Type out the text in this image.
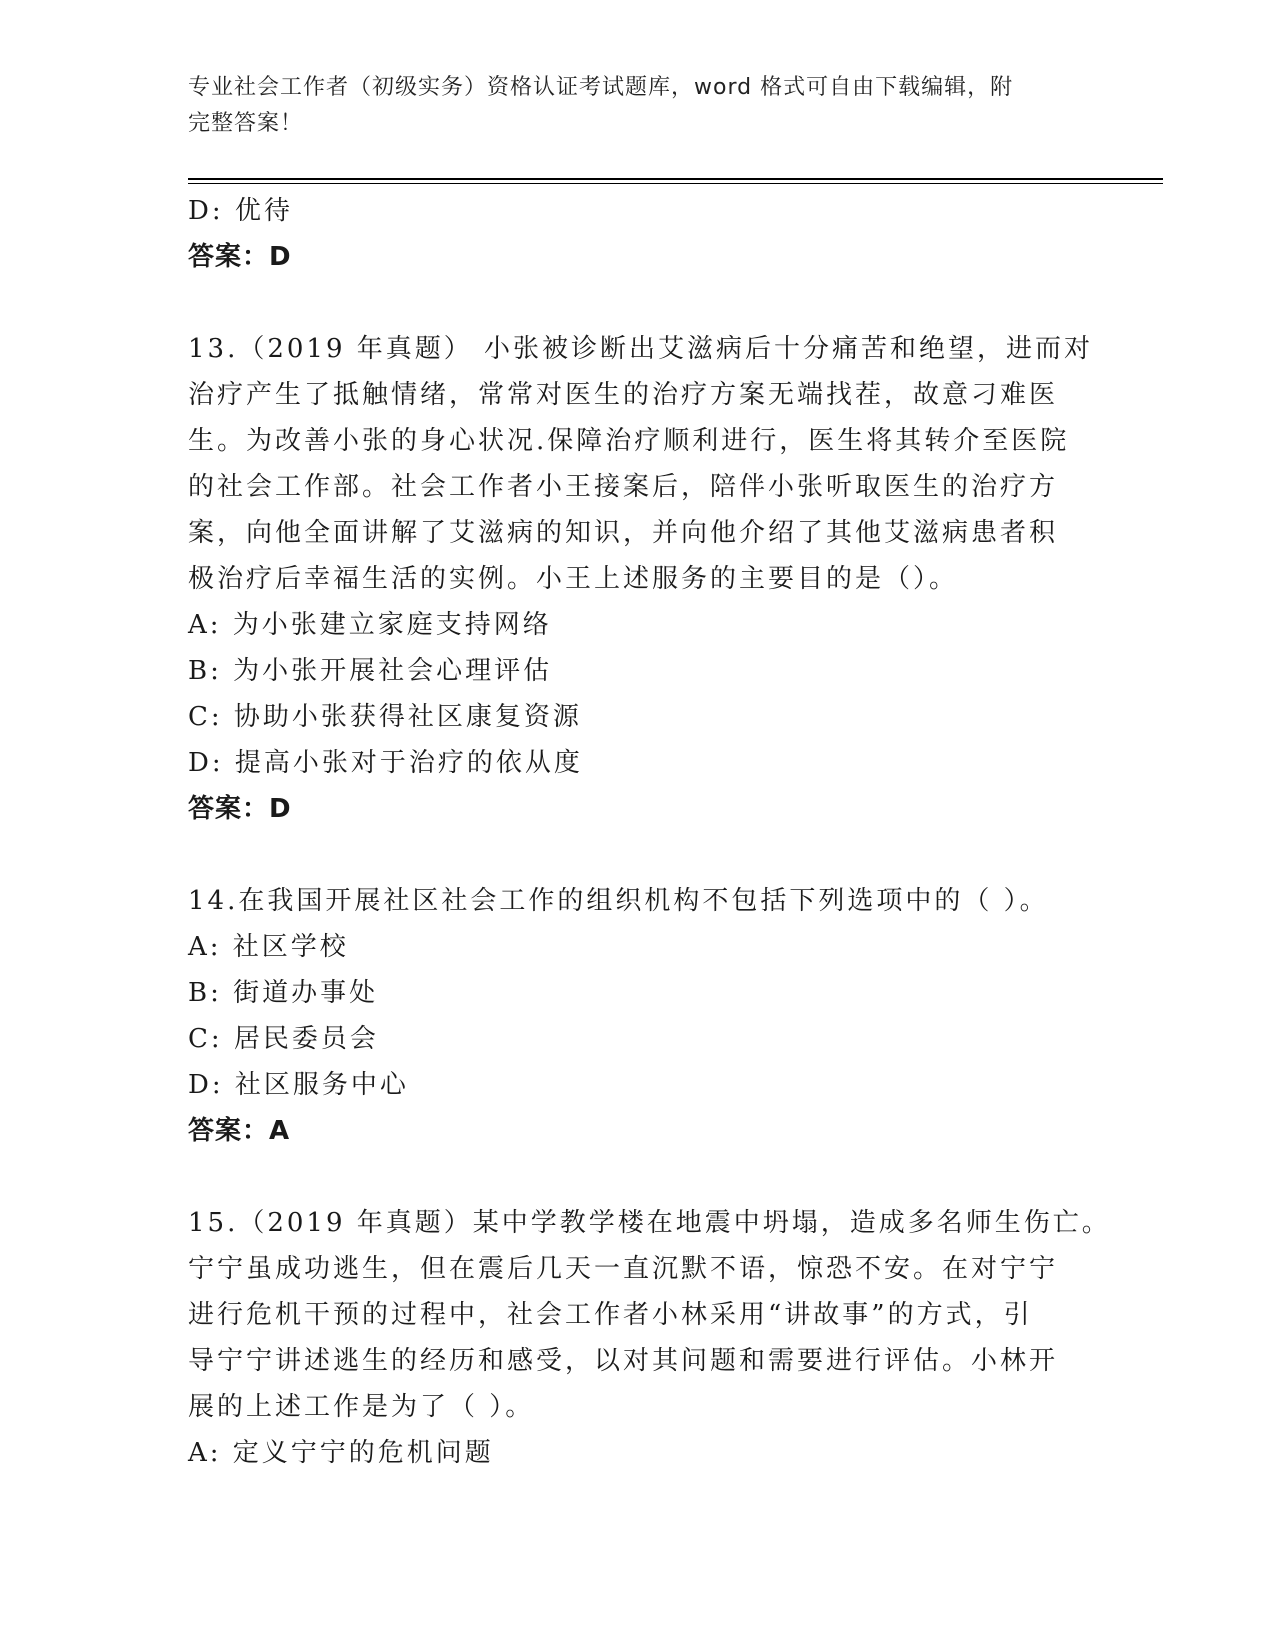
专业社会工作者（初级实务）资格认证考试题库，word 格式可自由下载编辑，附
完整答案！
D: 优待
答案：D
13.（2019 年真题） 小张被诊断出艾滋病后十分痛苦和绝望，进而对
治疗产生了抵触情绪，常常对医生的治疗方案无端找茬，故意刁难医
生。为改善小张的身心状况.保障治疗顺利进行，医生将其转介至医院
的社会工作部。社会工作者小王接案后，陪伴小张听取医生的治疗方
案，向他全面讲解了艾滋病的知识，并向他介绍了其他艾滋病患者积
极治疗后幸福生活的实例。小王上述服务的主要目的是（）。
A: 为小张建立家庭支持网络
B: 为小张开展社会心理评估
C: 协助小张获得社区康复资源
D: 提高小张对于治疗的依从度
答案：D
14.在我国开展社区社会工作的组织机构不包括下列选项中的（ ）。
A: 社区学校
B: 街道办事处
C: 居民委员会
D: 社区服务中心
答案：A
15.（2019 年真题）某中学教学楼在地震中坍塌，造成多名师生伤亡。
宁宁虽成功逃生，但在震后几天一直沉默不语，惊恐不安。在对宁宁
进行危机干预的过程中，社会工作者小林采用“讲故事”的方式，引
导宁宁讲述逃生的经历和感受，以对其问题和需要进行评估。小林开
展的上述工作是为了（ ）。
A: 定义宁宁的危机问题
